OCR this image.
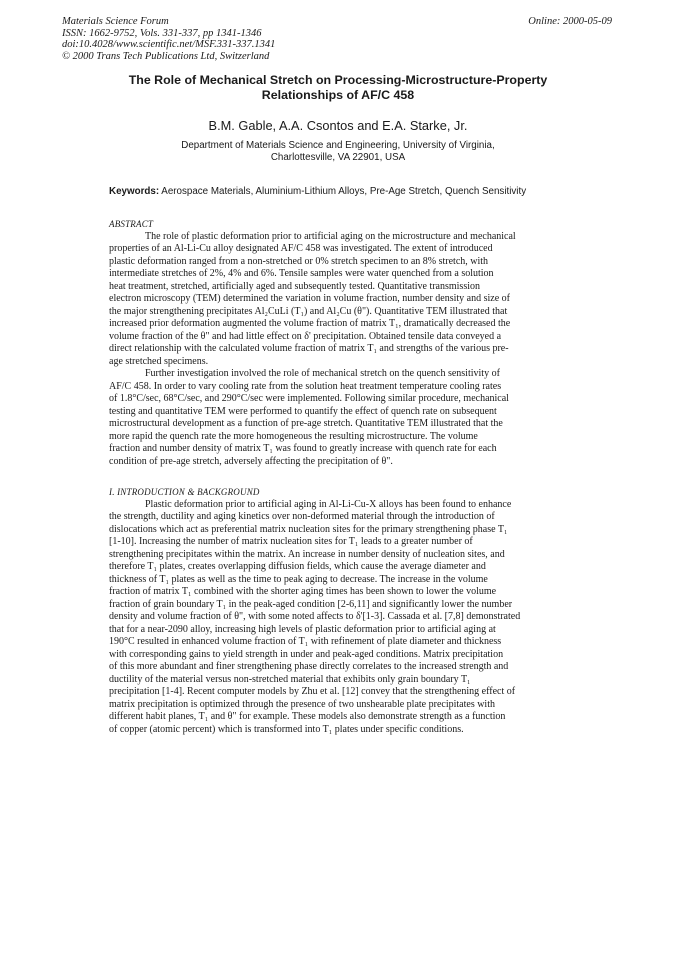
Materials Science Forum
ISSN: 1662-9752, Vols. 331-337, pp 1341-1346
doi:10.4028/www.scientific.net/MSF.331-337.1341
© 2000 Trans Tech Publications Ltd, Switzerland
Online: 2000-05-09
The Role of Mechanical Stretch on Processing-Microstructure-Property
Relationships of AF/C 458
B.M. Gable, A.A. Csontos and E.A. Starke, Jr.
Department of Materials Science and Engineering, University of Virginia,
Charlottesville, VA 22901, USA
Keywords: Aerospace Materials, Aluminium-Lithium Alloys, Pre-Age Stretch, Quench Sensitivity
ABSTRACT
The role of plastic deformation prior to artificial aging on the microstructure and mechanical
properties of an Al-Li-Cu alloy designated AF/C 458 was investigated. The extent of introduced
plastic deformation ranged from a non-stretched or 0% stretch specimen to an 8% stretch, with
intermediate stretches of 2%, 4% and 6%. Tensile samples were water quenched from a solution
heat treatment, stretched, artificially aged and subsequently tested. Quantitative transmission
electron microscopy (TEM) determined the variation in volume fraction, number density and size of
the major strengthening precipitates Al₂CuLi (T₁) and Al₂Cu (θ"). Quantitative TEM illustrated that
increased prior deformation augmented the volume fraction of matrix T₁, dramatically decreased the
volume fraction of the θ" and had little effect on δ' precipitation. Obtained tensile data conveyed a
direct relationship with the calculated volume fraction of matrix T₁ and strengths of the various pre-
age stretched specimens.
Further investigation involved the role of mechanical stretch on the quench sensitivity of
AF/C 458. In order to vary cooling rate from the solution heat treatment temperature cooling rates
of 1.8°C/sec, 68°C/sec, and 290°C/sec were implemented. Following similar procedure, mechanical
testing and quantitative TEM were performed to quantify the effect of quench rate on subsequent
microstructural development as a function of pre-age stretch. Quantitative TEM illustrated that the
more rapid the quench rate the more homogeneous the resulting microstructure. The volume
fraction and number density of matrix T₁ was found to greatly increase with quench rate for each
condition of pre-age stretch, adversely affecting the precipitation of θ".
I. INTRODUCTION & BACKGROUND
Plastic deformation prior to artificial aging in Al-Li-Cu-X alloys has been found to enhance
the strength, ductility and aging kinetics over non-deformed material through the introduction of
dislocations which act as preferential matrix nucleation sites for the primary strengthening phase T₁
[1-10]. Increasing the number of matrix nucleation sites for T₁ leads to a greater number of
strengthening precipitates within the matrix. An increase in number density of nucleation sites, and
therefore T₁ plates, creates overlapping diffusion fields, which cause the average diameter and
thickness of T₁ plates as well as the time to peak aging to decrease. The increase in the volume
fraction of matrix T₁ combined with the shorter aging times has been shown to lower the volume
fraction of grain boundary T₁ in the peak-aged condition [2-6,11] and significantly lower the number
density and volume fraction of θ", with some noted affects to δ'[1-3]. Cassada et al. [7,8] demonstrated
that for a near-2090 alloy, increasing high levels of plastic deformation prior to artificial aging at
190°C resulted in enhanced volume fraction of T₁ with refinement of plate diameter and thickness
with corresponding gains to yield strength in under and peak-aged conditions. Matrix precipitation
of this more abundant and finer strengthening phase directly correlates to the increased strength and
ductility of the material versus non-stretched material that exhibits only grain boundary T₁
precipitation [1-4]. Recent computer models by Zhu et al. [12] convey that the strengthening effect of
matrix precipitation is optimized through the presence of two unshearable plate precipitates with
different habit planes, T₁ and θ" for example. These models also demonstrate strength as a function
of copper (atomic percent) which is transformed into T₁ plates under specific conditions.
